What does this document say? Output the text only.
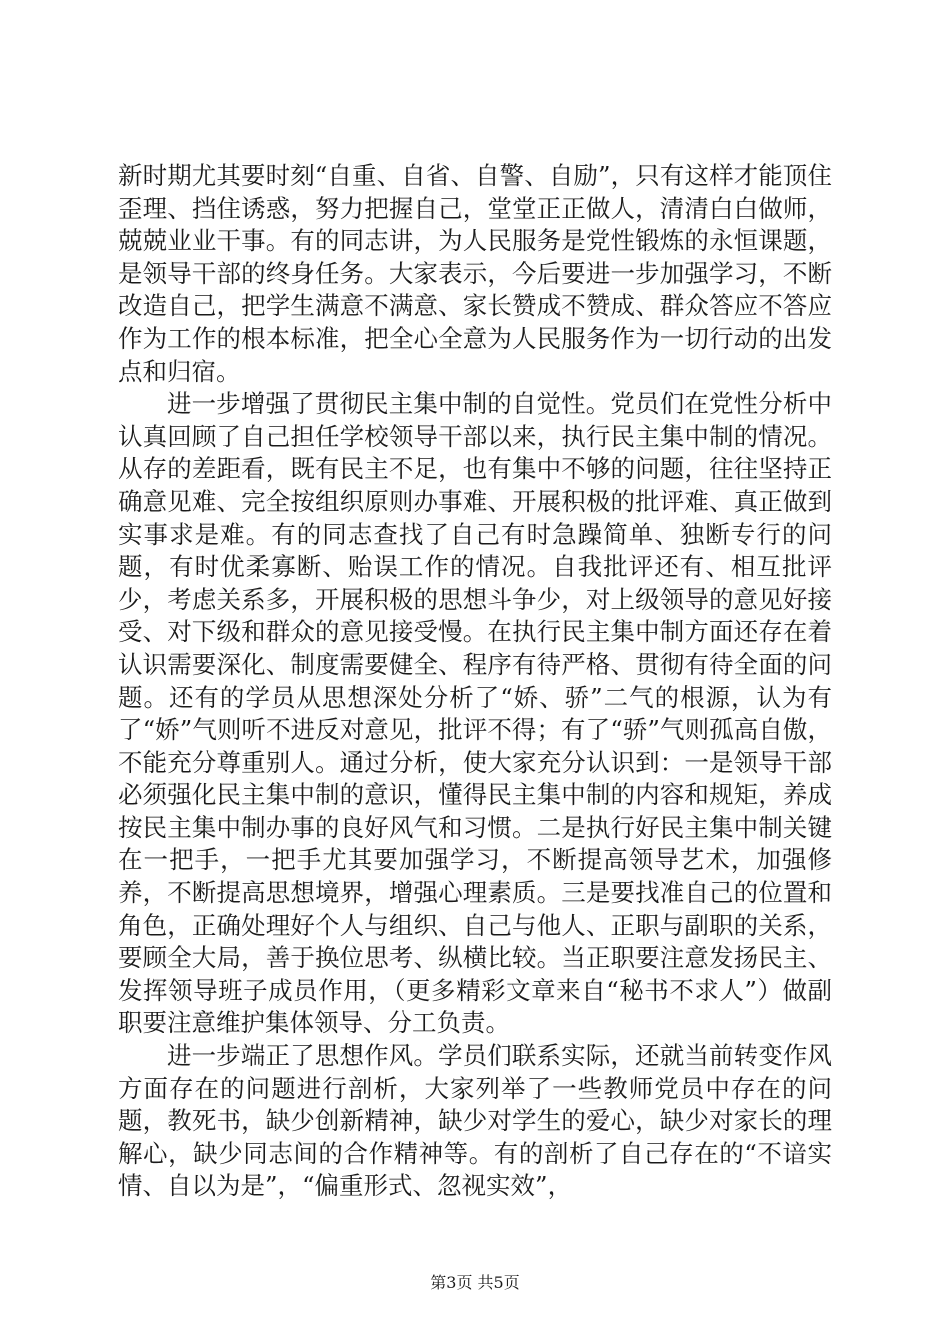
新时期尤其要时刻“自重、自省、自警、自励”，只有这样才能顶住歪理、挡住诱惑，努力把握自己，堂堂正正做人，清清白白做师，兢兢业业干事。有的同志讲，为人民服务是党性锻炼的永恒课题，是领导干部的终身任务。大家表示，今后要进一步加强学习，不断改造自己，把学生满意不满意、家长赞成不赞成、群众答应不答应作为工作的根本标准，把全心全意为人民服务作为一切行动的出发点和归宿。

进一步增强了贯彻民主集中制的自觉性。党员们在党性分析中认真回顾了自己担任学校领导干部以来，执行民主集中制的情况。从存的差距看，既有民主不足，也有集中不够的问题，往往坚持正确意见难、完全按组织原则办事难、开展积极的批评难、真正做到实事求是难。有的同志查找了自己有时急躁简单、独断专行的问题，有时优柔寡断、贻误工作的情况。自我批评还有、相互批评少，考虑关系多，开展积极的思想斗争少，对上级领导的意见好接受、对下级和群众的意见接受慢。在执行民主集中制方面还存在着认识需要深化、制度需要健全、程序有待严格、贯彻有待全面的问题。还有的学员从思想深处分析了“娇、骄”二气的根源，认为有了“娇”气则听不进反对意见，批评不得；有了“骄”气则孤高自傲，不能充分尊重别人。通过分析，使大家充分认识到：一是领导干部必须强化民主集中制的意识，懂得民主集中制的内容和规矩，养成按民主集中制办事的良好风气和习惯。二是执行好民主集中制关键在一把手，一把手尤其要加强学习，不断提高领导艺术，加强修养，不断提高思想境界，增强心理素质。三是要找准自己的位置和角色，正确处理好个人与组织、自己与他人、正职与副职的关系，要顾全大局，善于换位思考、纵横比较。当正职要注意发扬民主、发挥领导班子成员作用，（更多精彩文章来自“秘书不求人”）做副职要注意维护集体领导、分工负责。

进一步端正了思想作风。学员们联系实际，还就当前转变作风方面存在的问题进行剖析，大家列举了一些教师党员中存在的问题，教死书，缺少创新精神，缺少对学生的爱心，缺少对家长的理解心，缺少同志间的合作精神等。有的剖析了自己存在的“不谙实情、自以为是”，“偏重形式、忽视实效”，

第3页 共5页
